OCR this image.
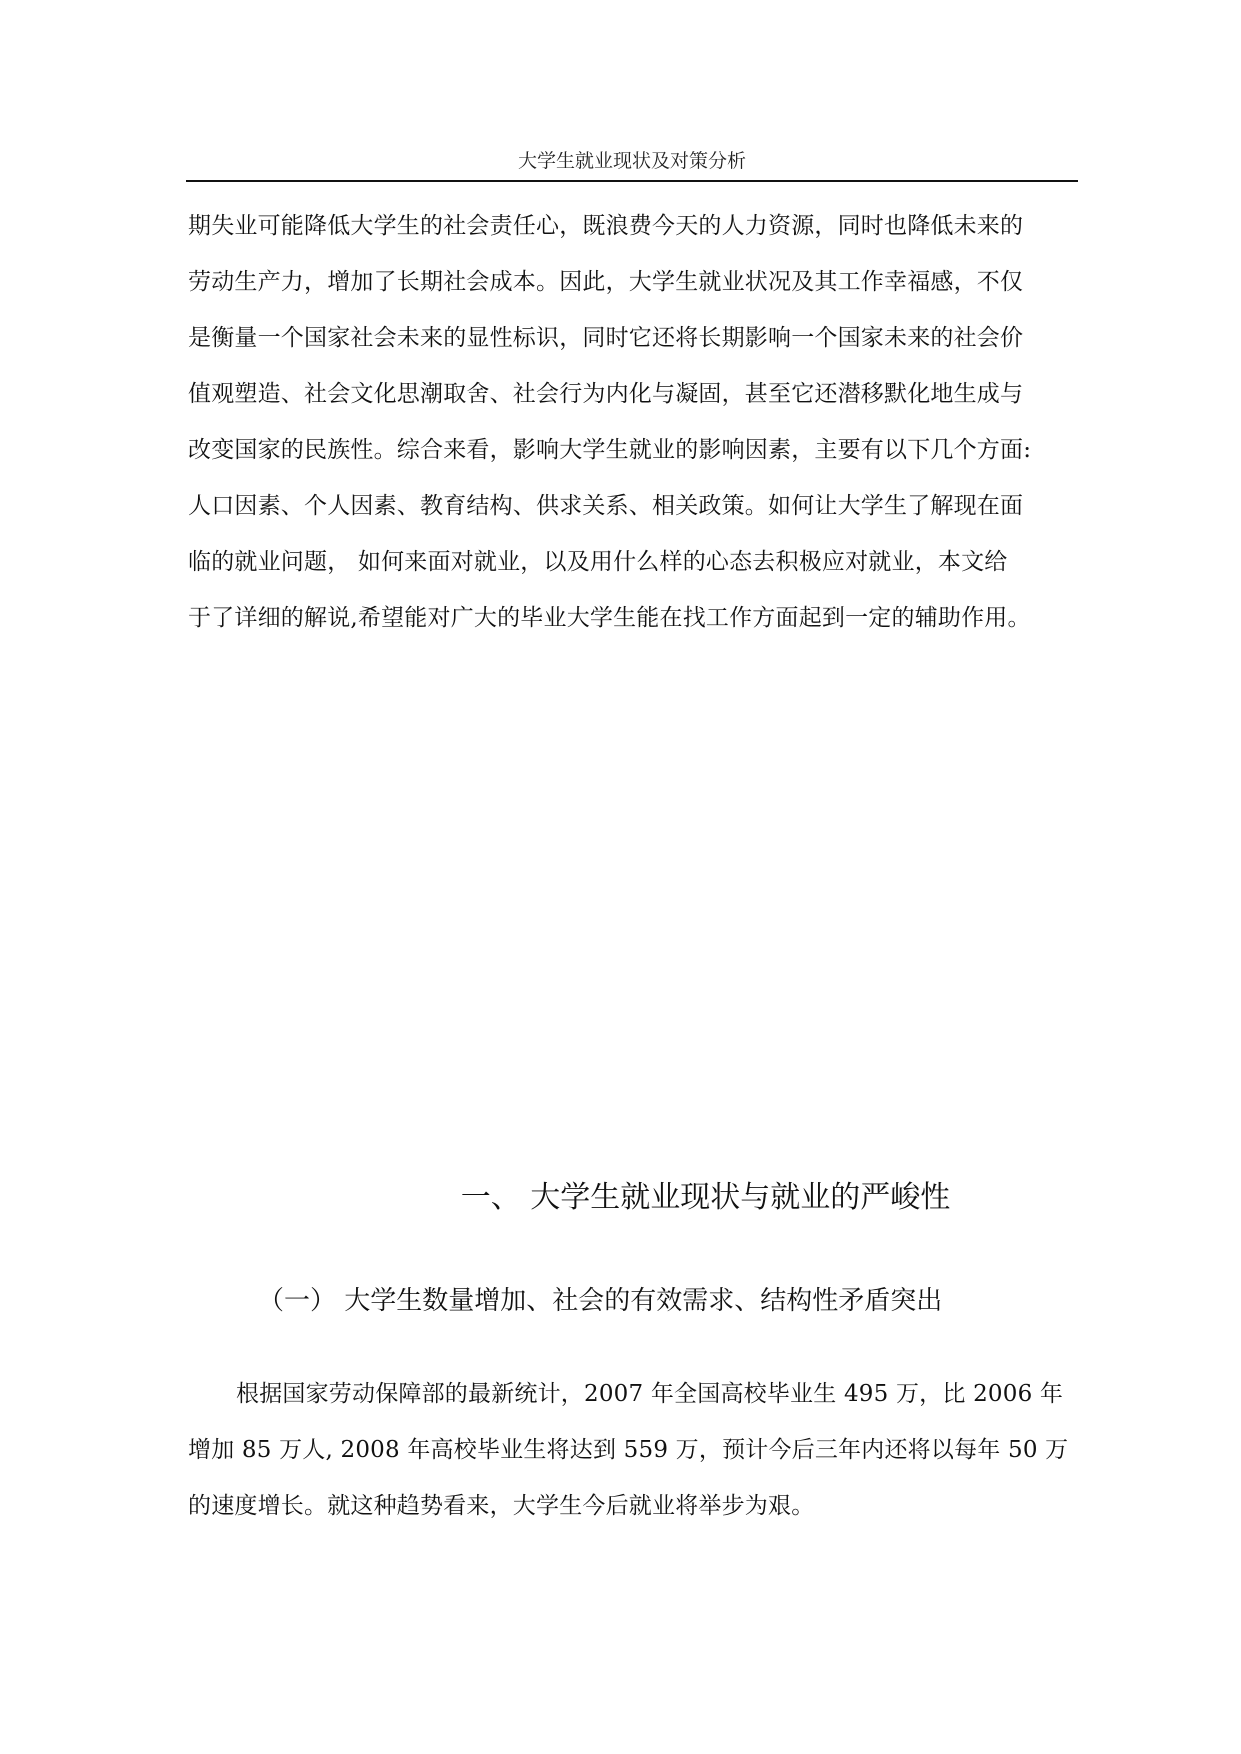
大学生就业现状及对策分析
期失业可能降低大学生的社会责任心，既浪费今天的人力资源，同时也降低未来的
劳动生产力，增加了长期社会成本。因此，大学生就业状况及其工作幸福感，不仅
是衡量一个国家社会未来的显性标识，同时它还将长期影响一个国家未来的社会价
值观塑造、社会文化思潮取舍、社会行为内化与凝固，甚至它还潜移默化地生成与
改变国家的民族性。综合来看，影响大学生就业的影响因素，主要有以下几个方面:
人口因素、个人因素、教育结构、供求关系、相关政策。如何让大学生了解现在面
临的就业问题， 如何来面对就业，以及用什么样的心态去积极应对就业，本文给
于了详细的解说,希望能对广大的毕业大学生能在找工作方面起到一定的辅助作用。
一、 大学生就业现状与就业的严峻性
（一） 大学生数量增加、社会的有效需求、结构性矛盾突出
根据国家劳动保障部的最新统计，2007 年全国高校毕业生 495 万，比 2006 年
增加 85 万人, 2008 年高校毕业生将达到 559 万，预计今后三年内还将以每年 50 万
的速度增长。就这种趋势看来，大学生今后就业将举步为艰。
